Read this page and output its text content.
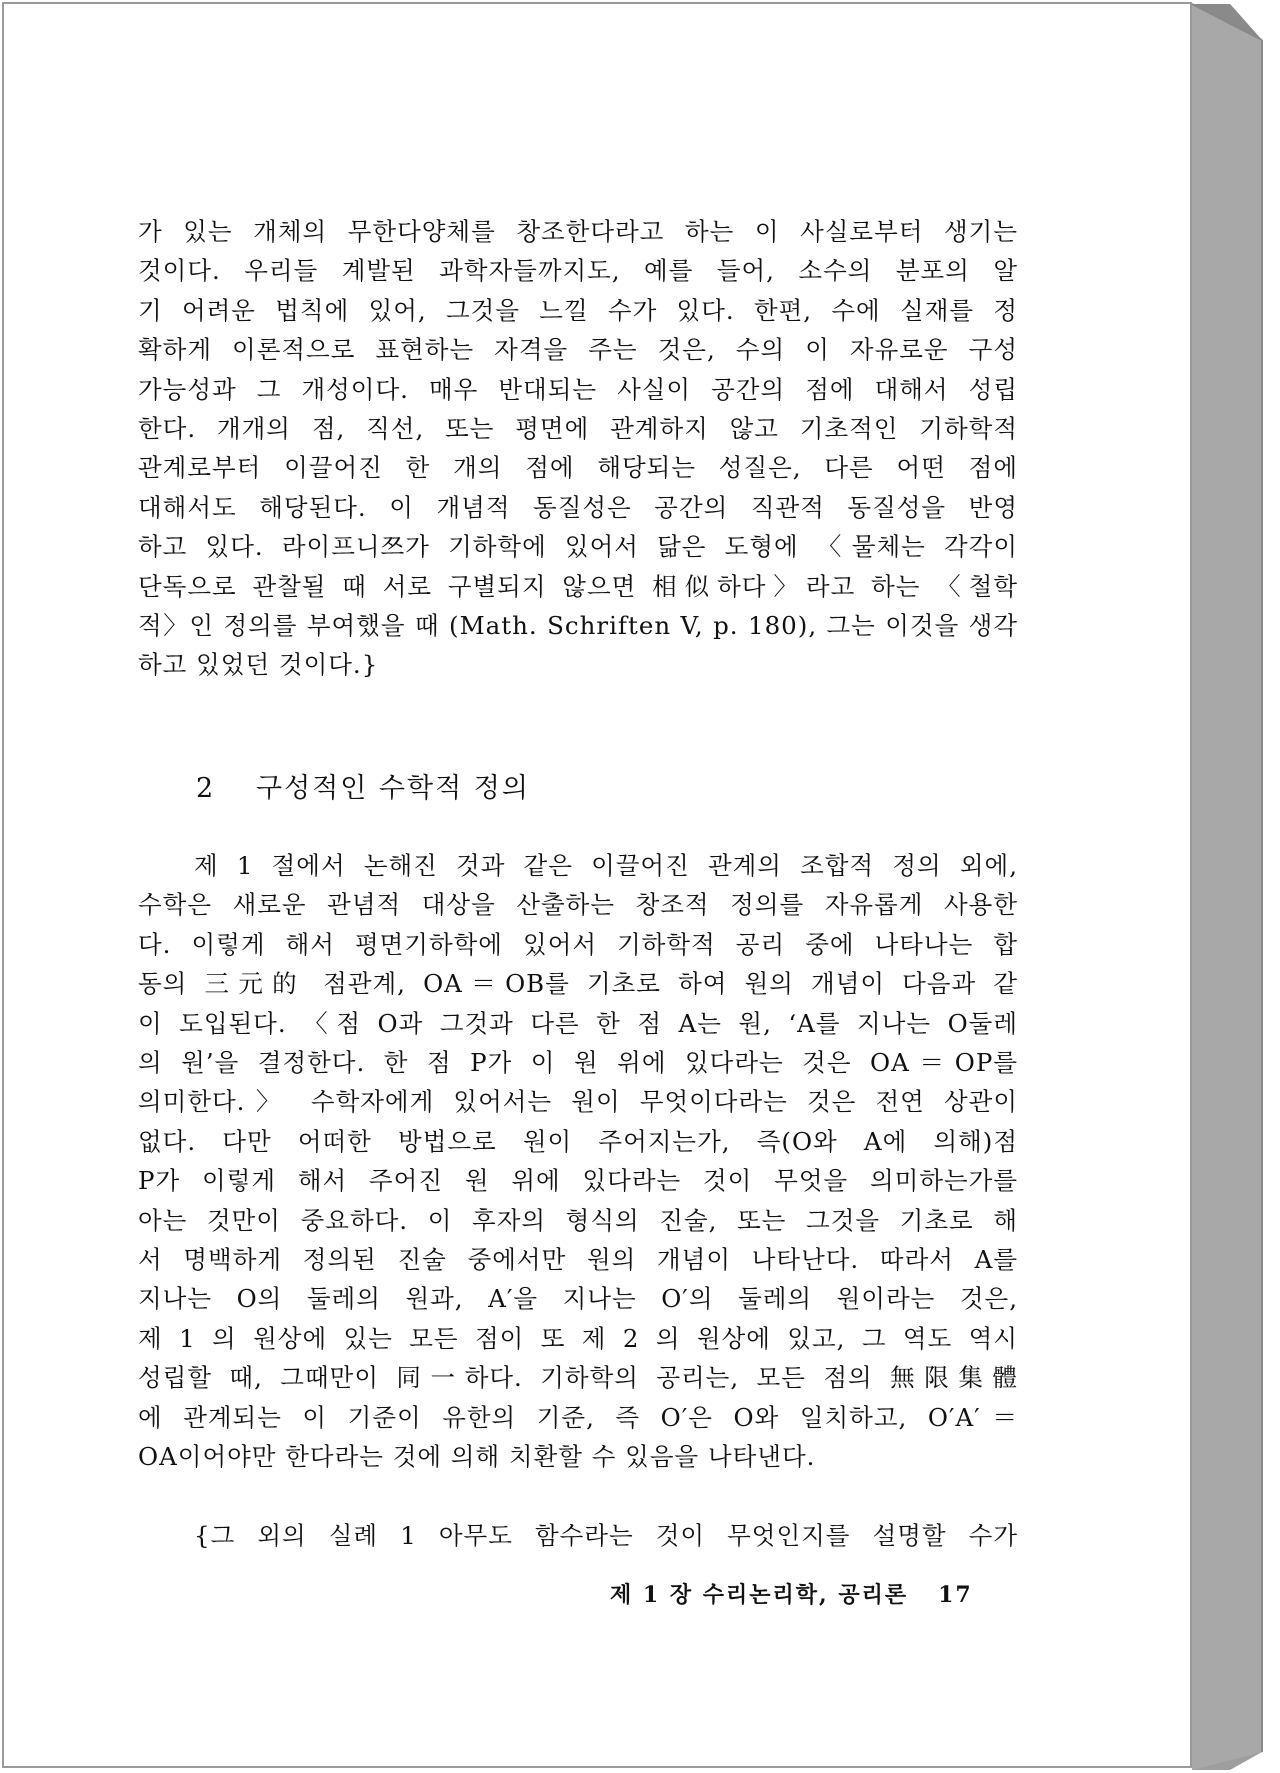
가 있는 개체의 무한다양체를 창조한다라고 하는 이 사실로부터 생기는
것이다. 우리들 계발된 과학자들까지도, 예를 들어, 소수의 분포의 알
기 어려운 법칙에 있어, 그것을 느낄 수가 있다. 한편, 수에 실재를 정
확하게 이론적으로 표현하는 자격을 주는 것은, 수의 이 자유로운 구성
가능성과 그 개성이다. 매우 반대되는 사실이 공간의 점에 대해서 성립
한다. 개개의 점, 직선, 또는 평면에 관계하지 않고 기초적인 기하학적
관계로부터 이끌어진 한 개의 점에 해당되는 성질은, 다른 어떤 점에
대해서도 해당된다. 이 개념적 동질성은 공간의 직관적 동질성을 반영
하고 있다. 라이프니쯔가 기하학에 있어서 닮은 도형에 〈물체는 각각이
단독으로 관찰될 때 서로 구별되지 않으면 相似하다〉라고 하는 〈철학
적〉인 정의를 부여했을 때 (Math. Schriften V, p. 180), 그는 이것을 생각
하고 있었던 것이다.}
2 구성적인 수학적 정의
제 1 절에서 논해진 것과 같은 이끌어진 관계의 조합적 정의 외에,
수학은 새로운 관념적 대상을 산출하는 창조적 정의를 자유롭게 사용한
다. 이렇게 해서 평면기하학에 있어서 기하학적 공리 중에 나타나는 합
동의 三元的 점관계, OA＝OB를 기초로 하여 원의 개념이 다음과 같
이 도입된다. 〈점 O과 그것과 다른 한 점 A는 원, ‘A를 지나는 O둘레
의 원’을 결정한다. 한 점 P가 이 원 위에 있다라는 것은 OA＝OP를
의미한다.〉 수학자에게 있어서는 원이 무엇이다라는 것은 전연 상관이
없다. 다만 어떠한 방법으로 원이 주어지는가, 즉(O와 A에 의해)점
P가 이렇게 해서 주어진 원 위에 있다라는 것이 무엇을 의미하는가를
아는 것만이 중요하다. 이 후자의 형식의 진술, 또는 그것을 기초로 해
서 명백하게 정의된 진술 중에서만 원의 개념이 나타난다. 따라서 A를
지나는 O의 둘레의 원과, A′을 지나는 O′의 둘레의 원이라는 것은,
제 1 의 원상에 있는 모든 점이 또 제 2 의 원상에 있고, 그 역도 역시
성립할 때, 그때만이 同一하다. 기하학의 공리는, 모든 점의 無限集體
에 관계되는 이 기준이 유한의 기준, 즉 O′은 O와 일치하고, O′A′＝
OA이어야만 한다라는 것에 의해 치환할 수 있음을 나타낸다.
{그 외의 실례 1 아무도 함수라는 것이 무엇인지를 설명할 수가
제 1 장 수리논리학, 공리론 17
